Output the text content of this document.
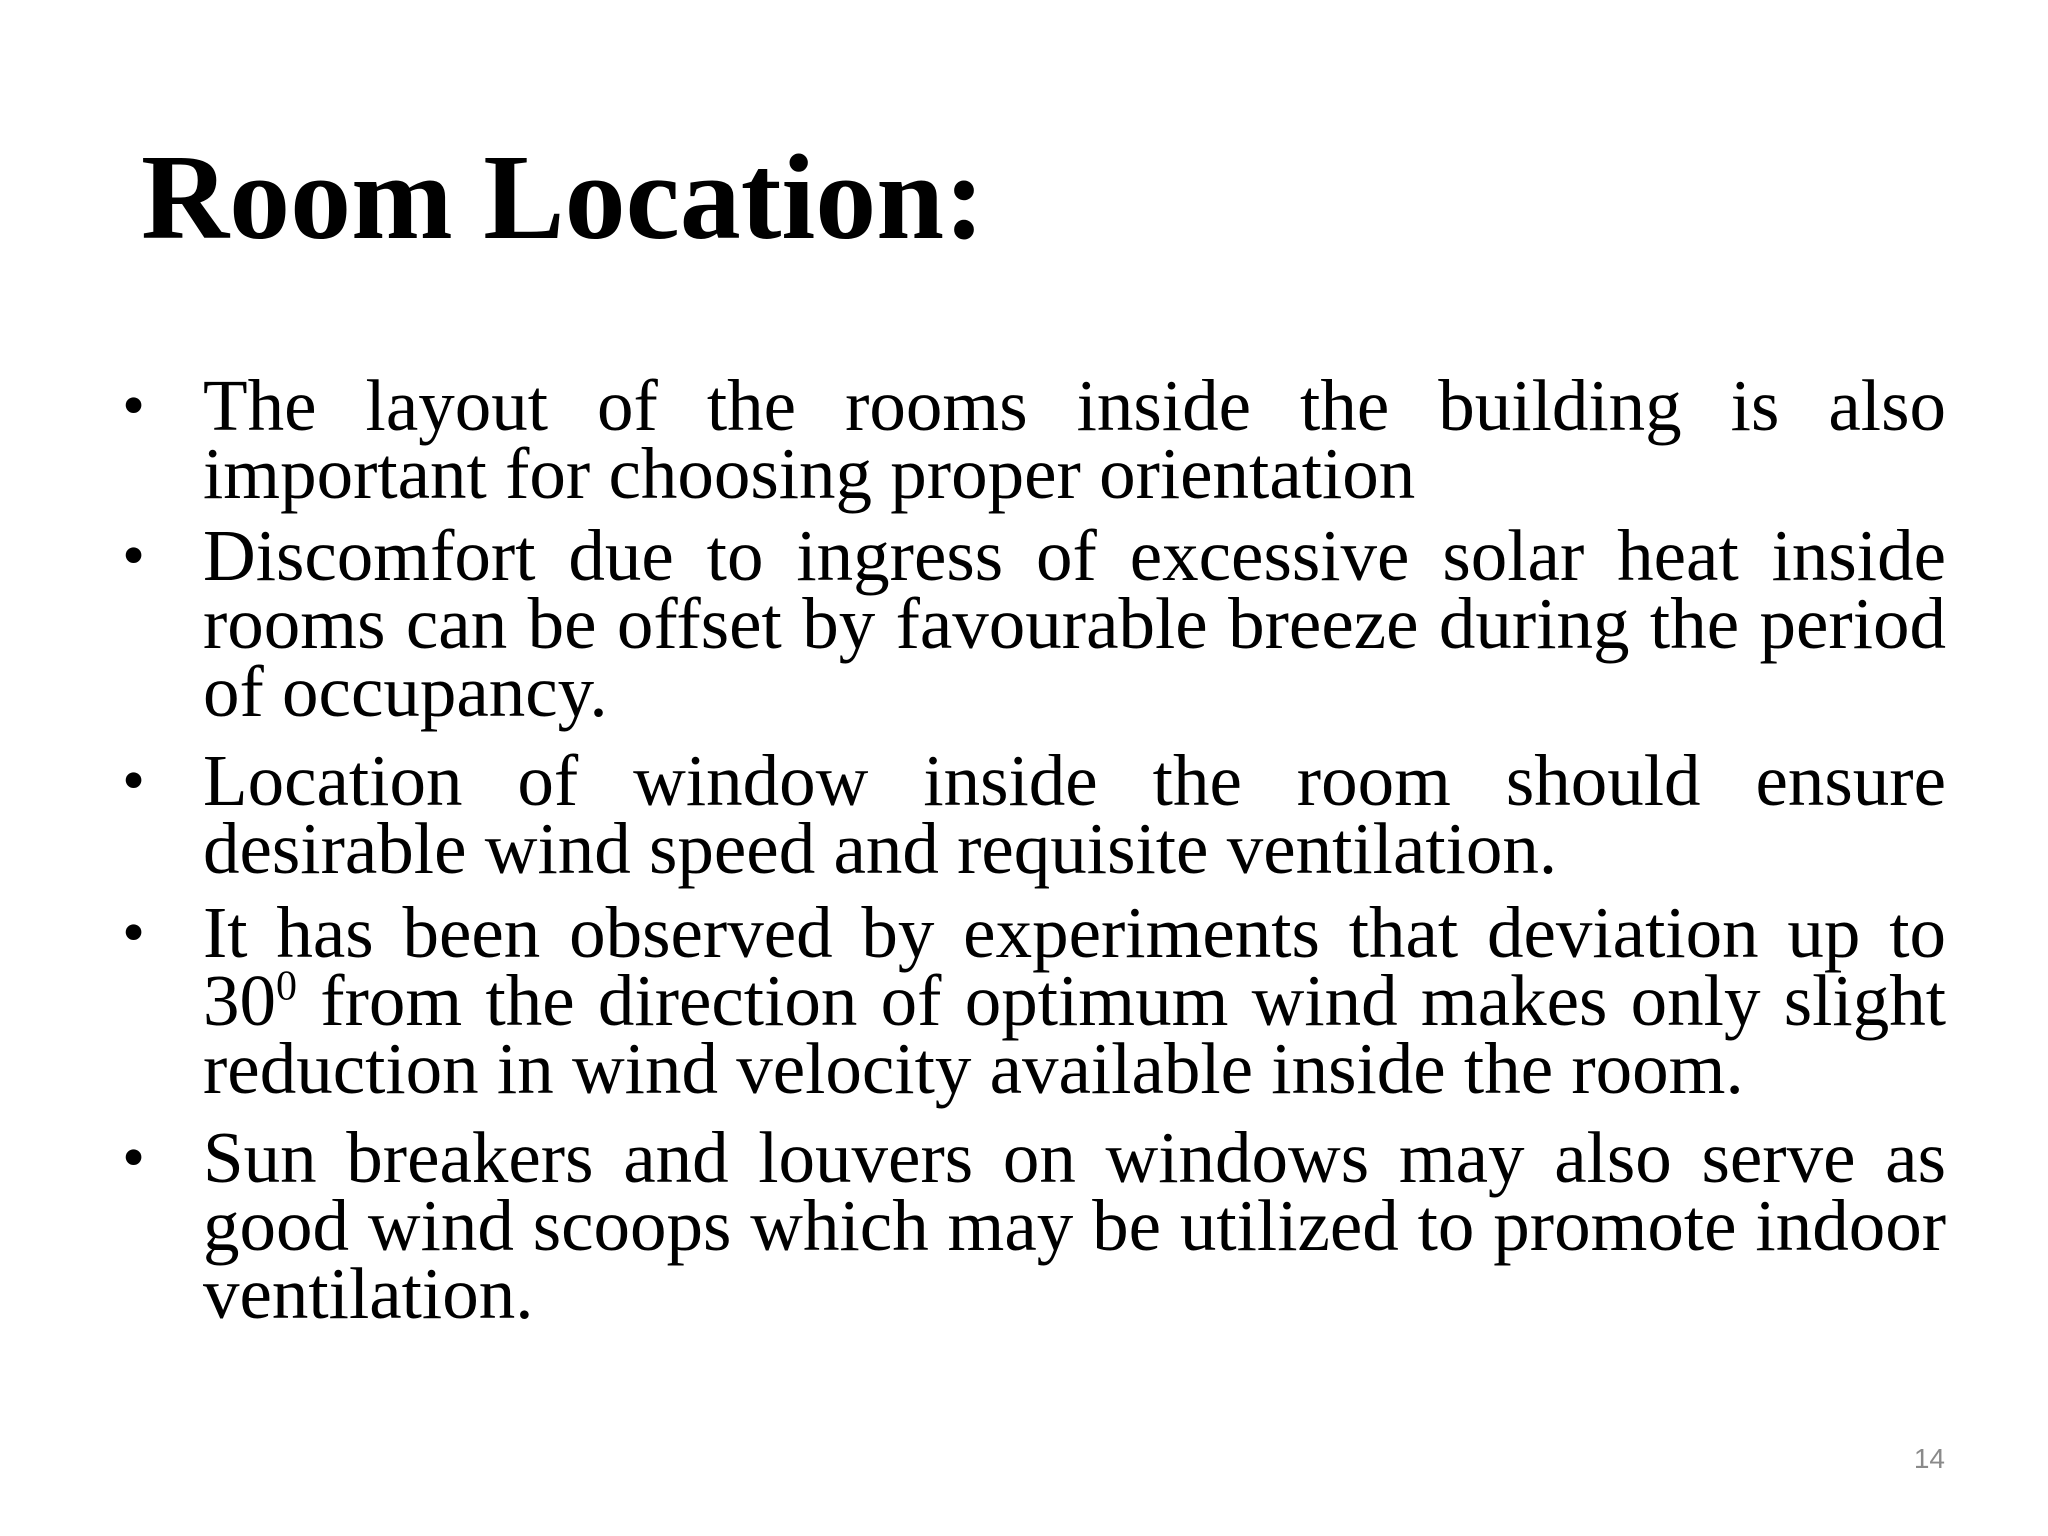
Room Location:
• The layout of the rooms inside the building is also important for choosing proper orientation
• Discomfort due to ingress of excessive solar heat inside rooms can be offset by favourable breeze during the period of occupancy.
• Location of window inside the room should ensure desirable wind speed and requisite ventilation.
• It has been observed by experiments that deviation up to $30^0$ from the direction of optimum wind makes only slight reduction in wind velocity available inside the room.
• Sun breakers and louvers on windows may also serve as good wind scoops which may be utilized to promote indoor ventilation.
14
